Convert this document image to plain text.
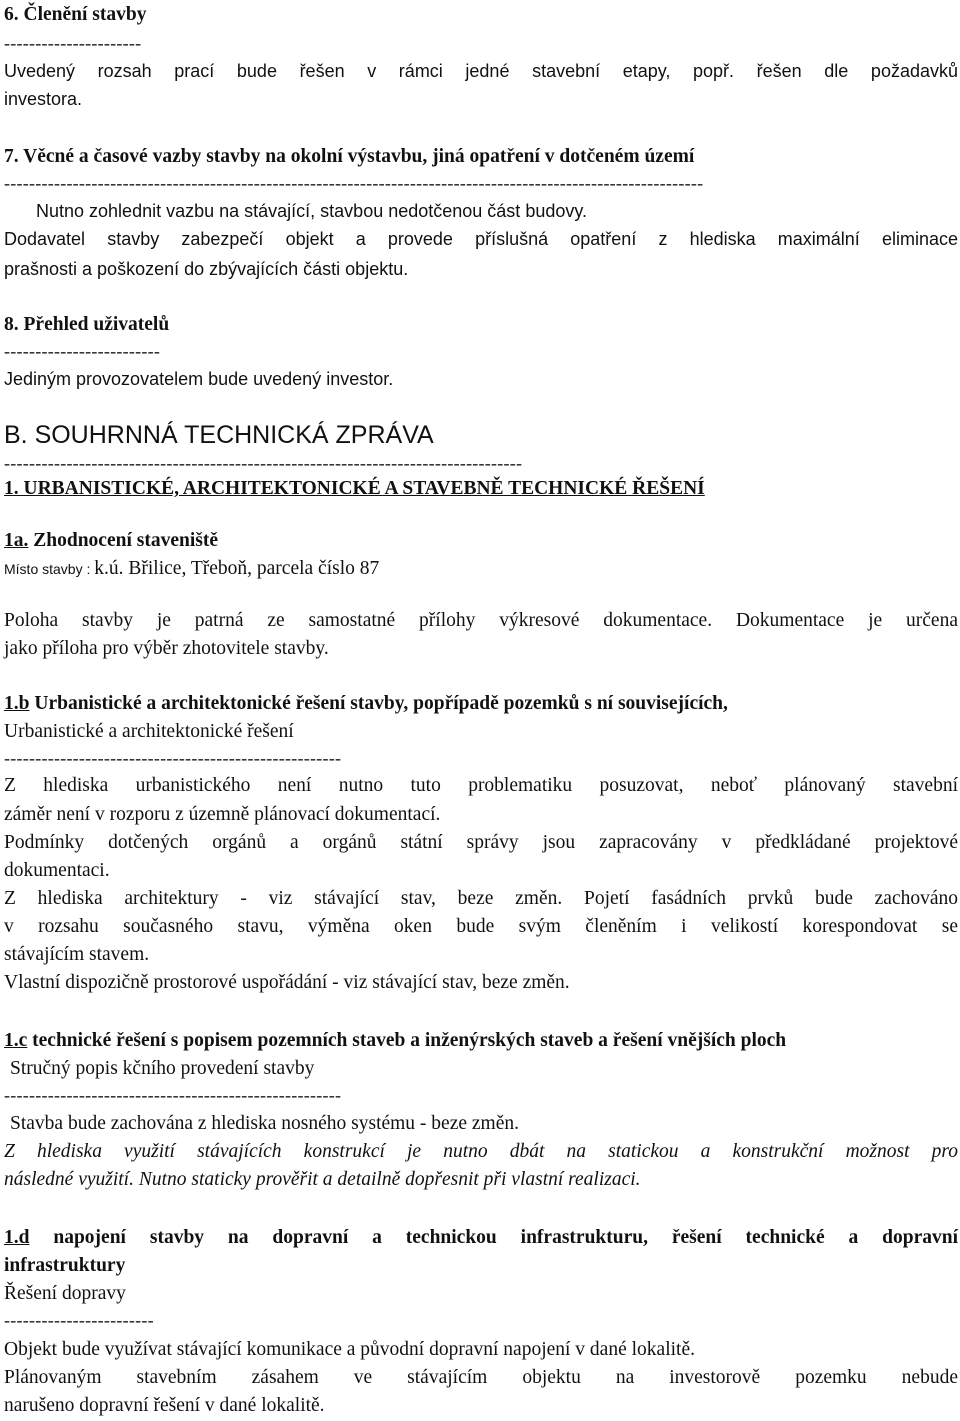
6. Členění stavby

----------------------

Uvedený rozsah prací bude řešen v rámci jedné stavební etapy, popř. řešen dle požadavků

investora.

7. Věcné a časové vazby stavby na okolní výstavbu, jiná opatření v dotčeném území

----------------------------------------------------------------------------------------------------------------

Nutno zohlednit vazbu na stávající, stavbou nedotčenou část budovy.

Dodavatel stavby zabezpečí objekt a provede příslušná opatření z hlediska maximální eliminace

prašnosti a poškození do zbývajících části objektu.

8. Přehled uživatelů

-------------------------

Jediným provozovatelem bude uvedený investor.

B. SOUHRNNÁ TECHNICKÁ ZPRÁVA

-----------------------------------------------------------------------------------

1. URBANISTICKÉ, ARCHITEKTONICKÉ A STAVEBNĚ TECHNICKÉ ŘEŠENÍ

1a. Zhodnocení staveniště

Místo stavby : k.ú. Břilice, Třeboň, parcela číslo 87

Poloha stavby je patrná ze samostatné přílohy výkresové dokumentace. Dokumentace je určena

jako příloha pro výběr zhotovitele stavby.

1.b Urbanistické a architektonické řešení stavby, popřípadě pozemků s ní souvisejících,

Urbanistické a architektonické řešení

------------------------------------------------------

Z hlediska urbanistického není nutno tuto problematiku posuzovat, neboť plánovaný stavební

záměr není v rozporu z územně plánovací dokumentací.

Podmínky dotčených orgánů a orgánů státní správy jsou zapracovány v předkládané projektové

dokumentaci.

Z hlediska architektury - viz stávající stav, beze změn. Pojetí fasádních prvků bude zachováno

v rozsahu současného stavu, výměna oken bude svým členěním i velikostí korespondovat se

stávajícím stavem.

Vlastní dispozičně prostorové uspořádání - viz stávající stav, beze změn.

1.c technické řešení s popisem pozemních staveb a inženýrských staveb a řešení vnějších ploch

Stručný popis kčního provedení stavby

------------------------------------------------------

Stavba bude zachována z hlediska nosného systému - beze změn.

Z hlediska využití stávajících konstrukcí je nutno dbát na statickou a konstrukční možnost pro

následné využití. Nutno staticky prověřit a detailně dopřesnit při vlastní realizaci.

1.d napojení stavby na dopravní a technickou infrastrukturu, řešení technické a dopravní

infrastruktury

Řešení dopravy

------------------------

Objekt bude využívat stávající komunikace a původní dopravní napojení v dané lokalitě.

Plánovaným stavebním zásahem ve stávajícím objektu na investorově pozemku nebude

narušeno dopravní řešení v dané lokalitě.
